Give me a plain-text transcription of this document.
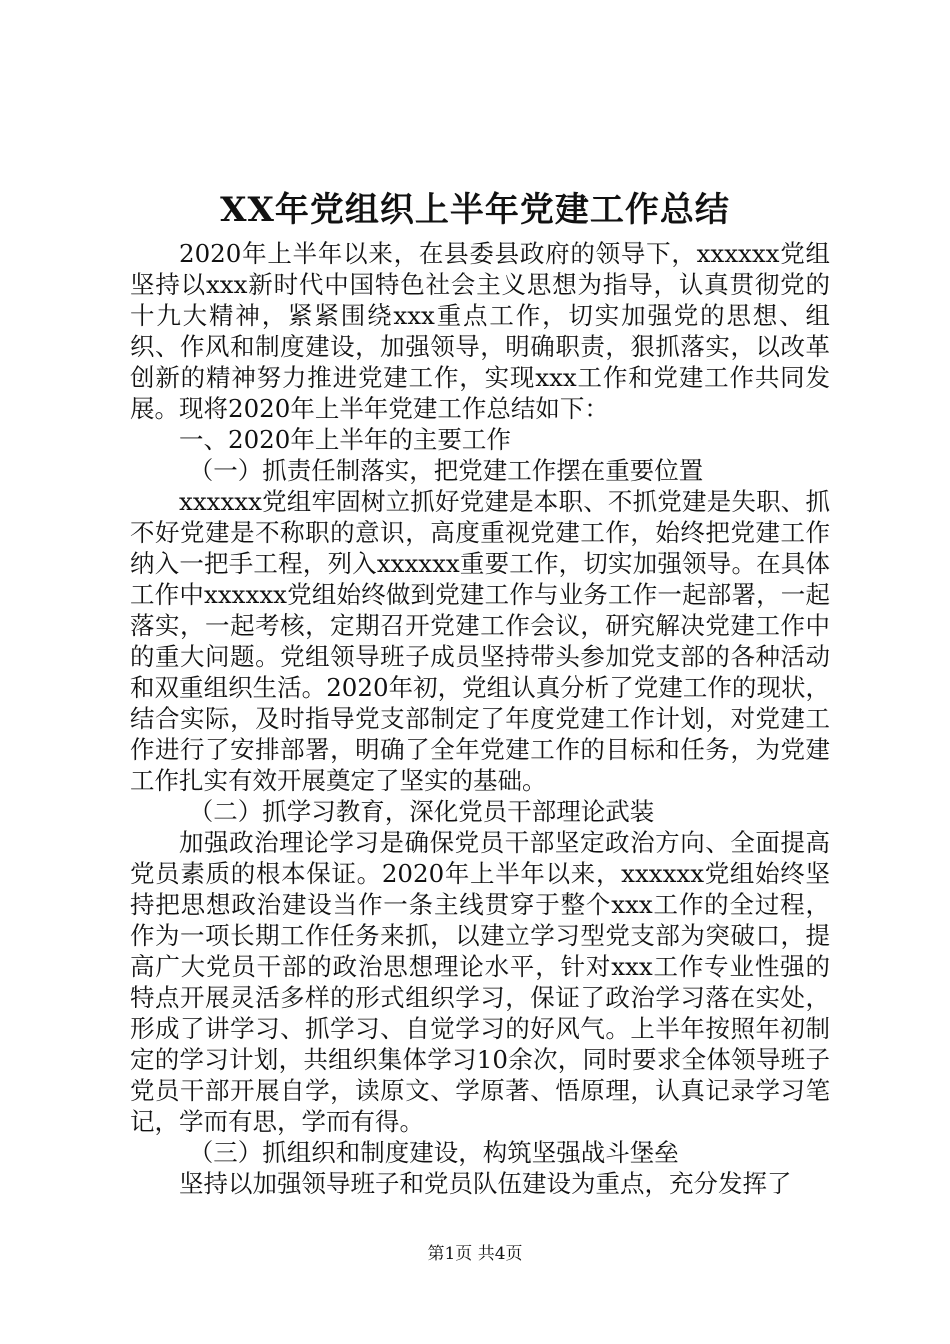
XX年党组织上半年党建工作总结

2020年上半年以来，在县委县政府的领导下，xxxxxx党组坚持以xxx新时代中国特色社会主义思想为指导，认真贯彻党的十九大精神，紧紧围绕xxx重点工作，切实加强党的思想、组织、作风和制度建设，加强领导，明确职责，狠抓落实，以改革创新的精神努力推进党建工作，实现xxx工作和党建工作共同发展。现将2020年上半年党建工作总结如下：

一、2020年上半年的主要工作

（一）抓责任制落实，把党建工作摆在重要位置

xxxxxx党组牢固树立抓好党建是本职、不抓党建是失职、抓不好党建是不称职的意识，高度重视党建工作，始终把党建工作纳入一把手工程，列入xxxxxx重要工作，切实加强领导。在具体工作中xxxxxx党组始终做到党建工作与业务工作一起部署，一起落实，一起考核，定期召开党建工作会议，研究解决党建工作中的重大问题。党组领导班子成员坚持带头参加党支部的各种活动和双重组织生活。2020年初，党组认真分析了党建工作的现状，结合实际，及时指导党支部制定了年度党建工作计划，对党建工作进行了安排部署，明确了全年党建工作的目标和任务，为党建工作扎实有效开展奠定了坚实的基础。

（二）抓学习教育，深化党员干部理论武装

加强政治理论学习是确保党员干部坚定政治方向、全面提高党员素质的根本保证。2020年上半年以来，xxxxxx党组始终坚持把思想政治建设当作一条主线贯穿于整个xxx工作的全过程，作为一项长期工作任务来抓，以建立学习型党支部为突破口，提高广大党员干部的政治思想理论水平，针对xxx工作专业性强的特点开展灵活多样的形式组织学习，保证了政治学习落在实处，形成了讲学习、抓学习、自觉学习的好风气。上半年按照年初制定的学习计划，共组织集体学习10余次，同时要求全体领导班子党员干部开展自学，读原文、学原著、悟原理，认真记录学习笔记，学而有思，学而有得。

（三）抓组织和制度建设，构筑坚强战斗堡垒

坚持以加强领导班子和党员队伍建设为重点，充分发挥了

第1页 共4页
